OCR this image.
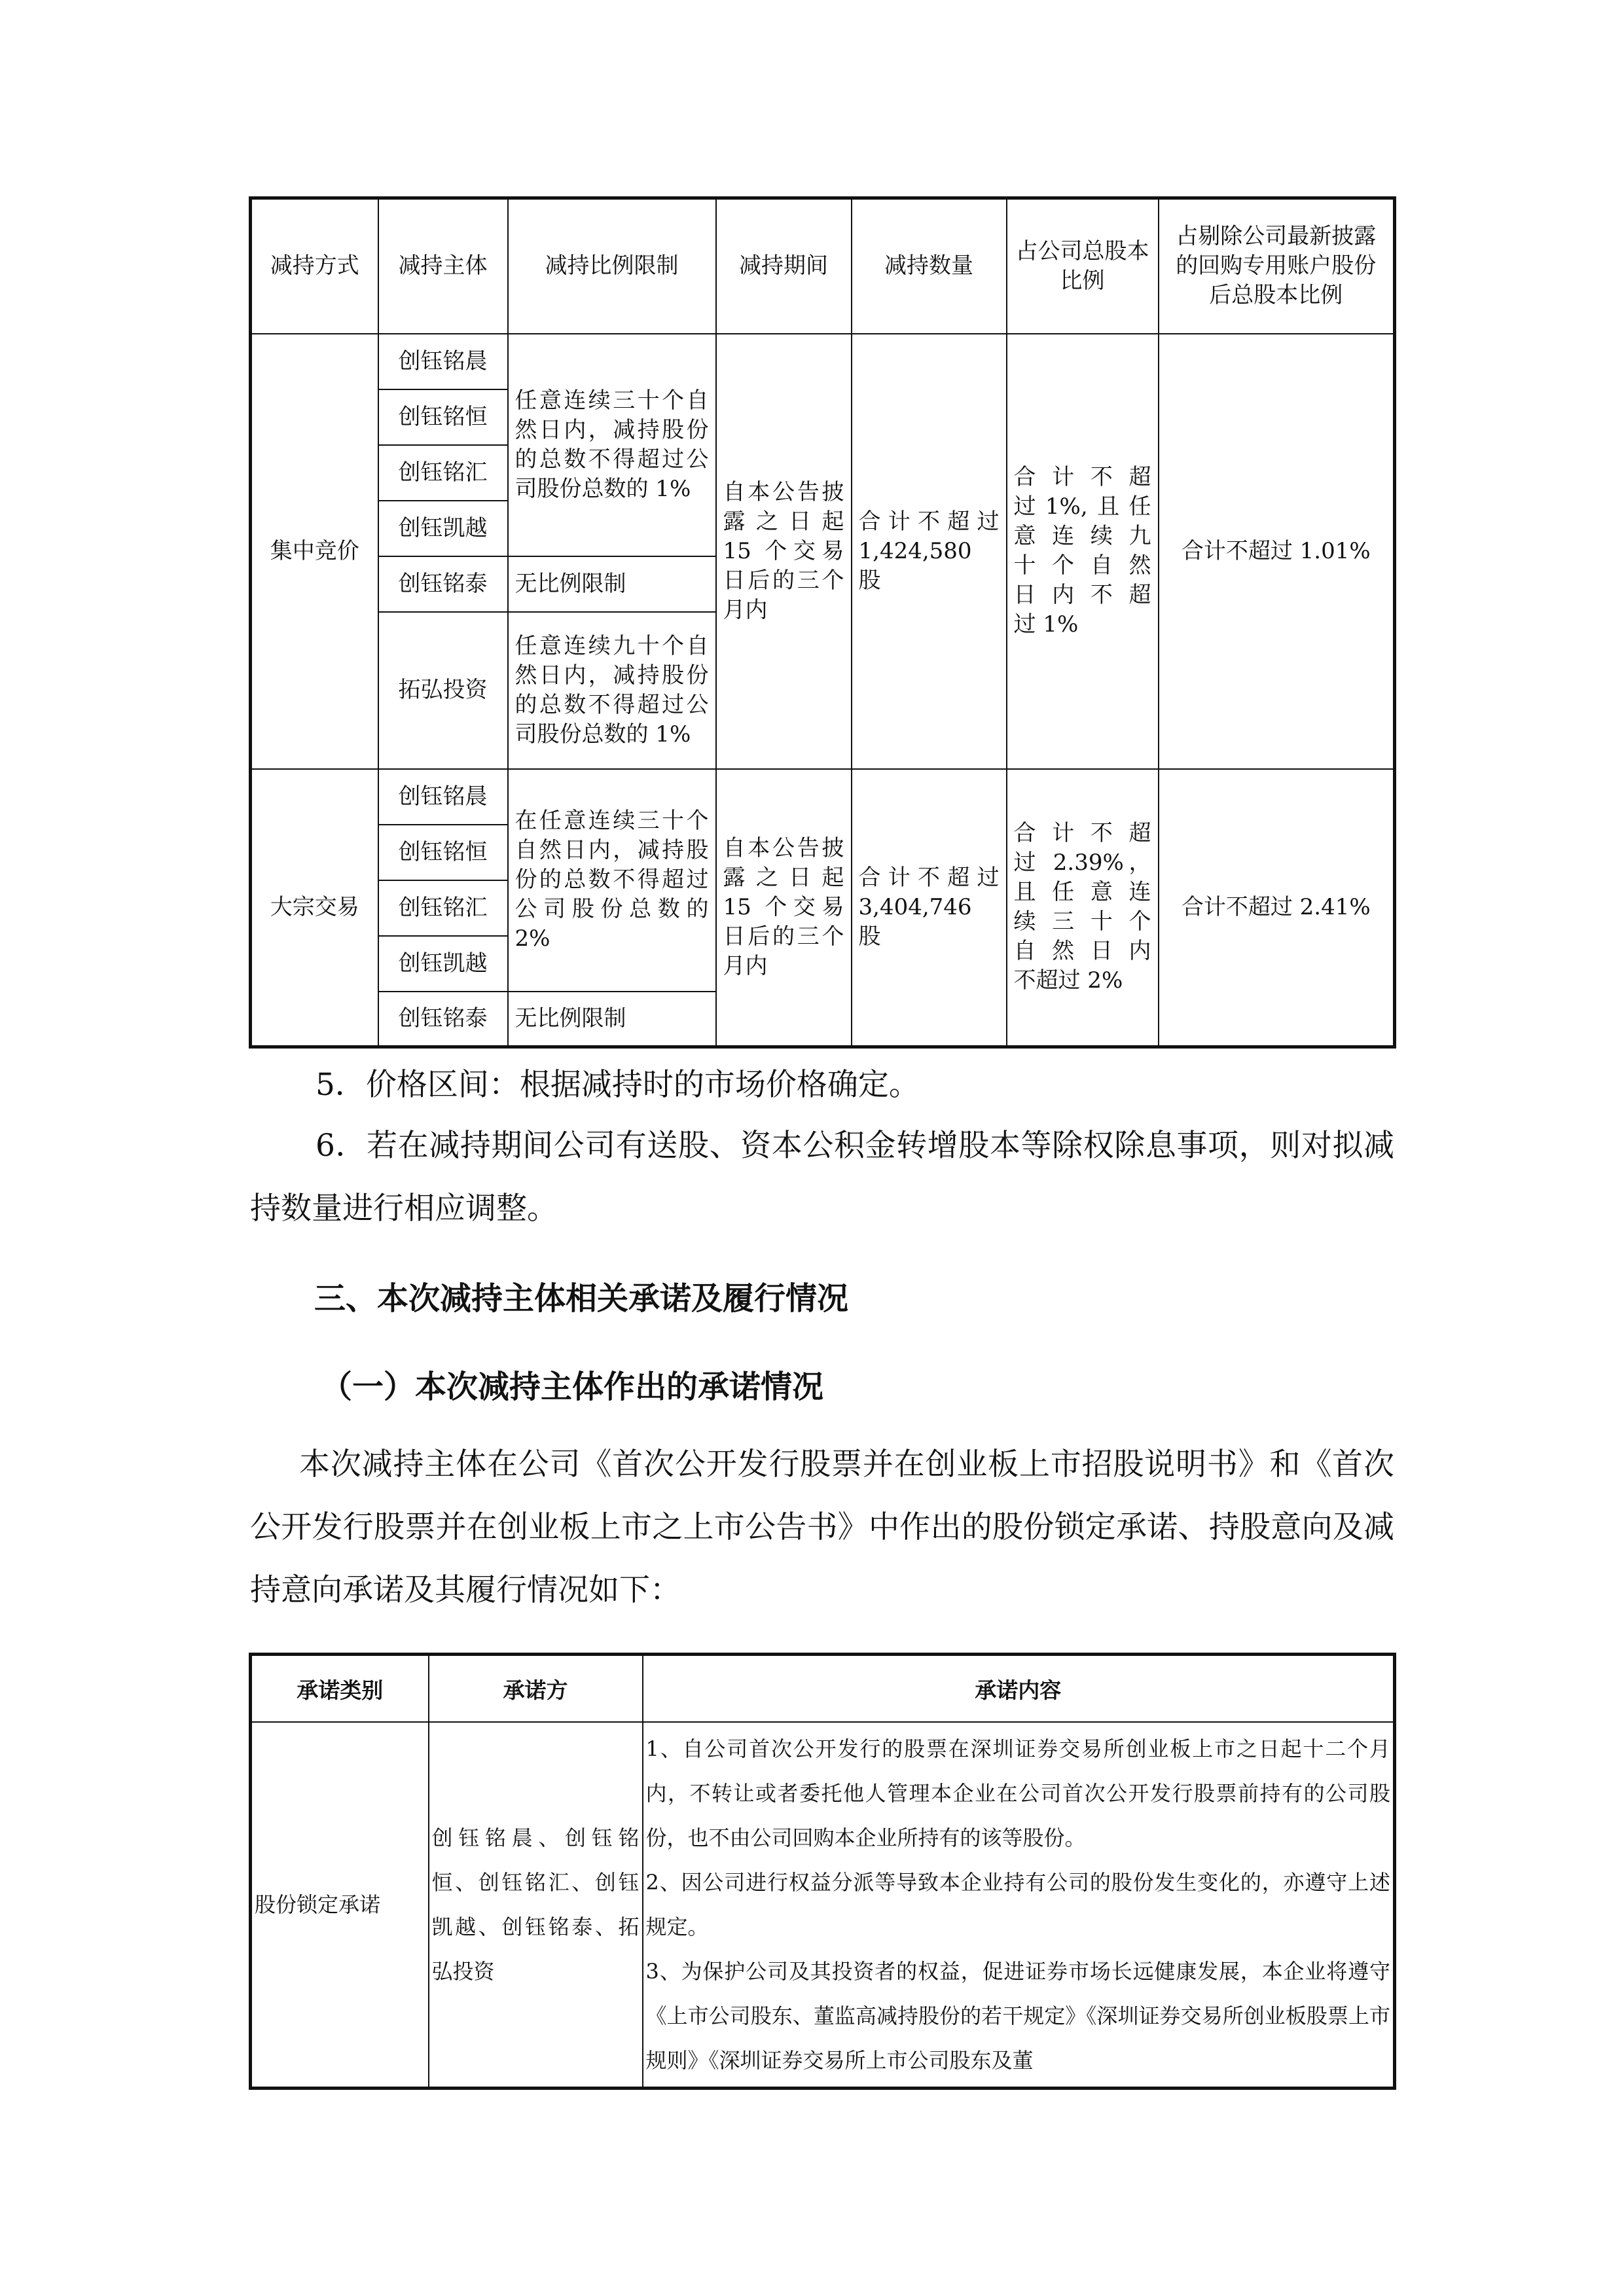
减持方式	减持主体	减持比例限制	减持期间	减持数量	占公司总股本比例	占剔除公司最新披露的回购专用账户股份后总股本比例
集中竞价	创钰铭晨	任意连续三十个自然日内，减持股份的总数不得超过公司股份总数的 1%	自本公告披露之日起 15 个交易日后的三个月内	合 计 不 超 过 1,424,580 股	合 计 不 超 过1%,且任 意 连 续 九 十 个 自 然 日 内 不 超 过 1%	合计不超过 1.01%
	创钰铭恒					
	创钰铭汇					
	创钰凯越					
	创钰铭泰	无比例限制				
	拓弘投资	任意连续九十个自然日内，减持股份的总数不得超过公司股份总数的 1%				
大宗交易	创钰铭晨	在任意连续三十个自然日内，减持股份的总数不得超过公司股份总数的 2%	自本公告披露之日起 15 个交易日后的三个月内	合 计 不 超 过 3,404,746 股	合 计 不 超 过 2.39%，且 任 意 连 续 三 十 个 自 然 日 内 不超过 2%	合计不超过 2.41%
	创钰铭恒					
	创钰铭汇					
	创钰凯越					
	创钰铭泰	无比例限制				

5．价格区间：根据减持时的市场价格确定。

6．若在减持期间公司有送股、资本公积金转增股本等除权除息事项，则对拟减持数量进行相应调整。

三、本次减持主体相关承诺及履行情况
（一）本次减持主体作出的承诺情况

本次减持主体在公司《首次公开发行股票并在创业板上市招股说明书》和《首次公开发行股票并在创业板上市之上市公告书》中作出的股份锁定承诺、持股意向及减持意向承诺及其履行情况如下：

承诺类别	承诺方	承诺内容
股份锁定承诺	创钰铭晨、创钰铭恒、创钰铭汇、创钰凯越、创钰铭泰、拓弘投资	1、自公司首次公开发行的股票在深圳证券交易所创业板上市之日起十二个月内，不转让或者委托他人管理本企业在公司首次公开发行股票前持有的公司股份，也不由公司回购本企业所持有的该等股份。
2、因公司进行权益分派等导致本企业持有公司的股份发生变化的，亦遵守上述规定。
3、为保护公司及其投资者的权益，促进证券市场长远健康发展，本企业将遵守《上市公司股东、董监高减持股份的若干规定》《深圳证券交易所创业板股票上市规则》《深圳证券交易所上市公司股东及董
